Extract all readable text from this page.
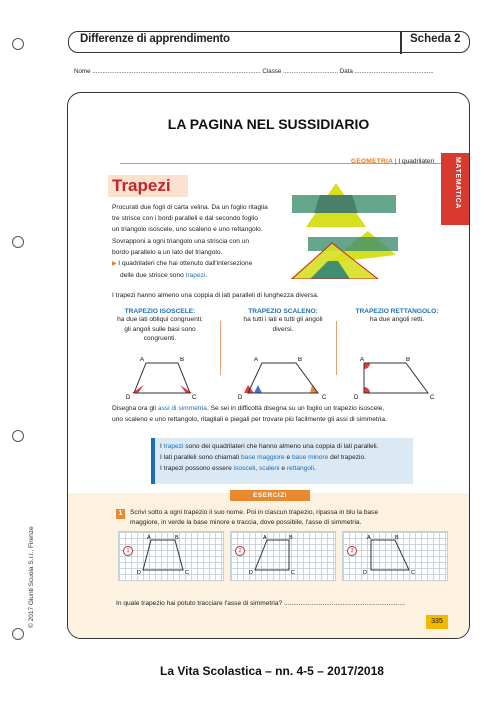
Differenze di apprendimento	Scheda 2
Nome .................................................................................................. Classe ................................ Data ..............................................
© 2017 Giunti Scuola S.r.l., Firenze
LA PAGINA NEL SUSSIDIARIO
GEOMETRIA | I quadrilateri	MATEMATICA
Trapezi
Procurati due fogli di carta velina. Da un foglio ritaglia
tre strisce con i bordi paralleli e dal secondo foglio
un triangolo isoscele, uno scaleno e uno rettangolo.
Sovrapponi a ogni triangolo una striscia con un
bordo parallelo a un lato del triangolo.
▶ I quadrilateri che hai ottenuto dall'intersezione
delle due strisce sono trapezi.
I trapezi hanno almeno una coppia di lati paralleli di lunghezza diversa.
TRAPEZIO ISOSCELE:
ha due lati obliqui congruenti;
gli angoli sulle basi sono
congruenti.
TRAPEZIO SCALENO:
ha tutti i lati e tutti gli angoli
diversi.
TRAPEZIO RETTANGOLO:
ha due angoli retti.
A	B
D	C
A	B
D	C
A	B
D	C
Disegna ora gli assi di simmetria. Se sei in difficoltà disegna su un foglio un trapezio isoscele,
uno scaleno e uno rettangolo, ritagliali e piegali per trovare più facilmente gli assi di simmetria.
I trapezi sono dei quadrilateri che hanno almeno una coppia di lati paralleli.
I lati paralleli sono chiamati base maggiore e base minore del trapezio.
I trapezi possono essere isosceli, scaleni e rettangoli.
ESERCIZI
1	Scrivi sotto a ogni trapezio il suo nome. Poi in ciascun trapezio, ripassa in blu la base
maggiore, in verde la base minore e traccia, dove possibile, l'asse di simmetria.
1
A	B
D	C
2
A	B
D	C
3
A	B
D	C
In quale trapezio hai potuto tracciare l'asse di simmetria? ..................................................................
335
La Vita Scolastica – nn. 4-5 – 2017/2018
